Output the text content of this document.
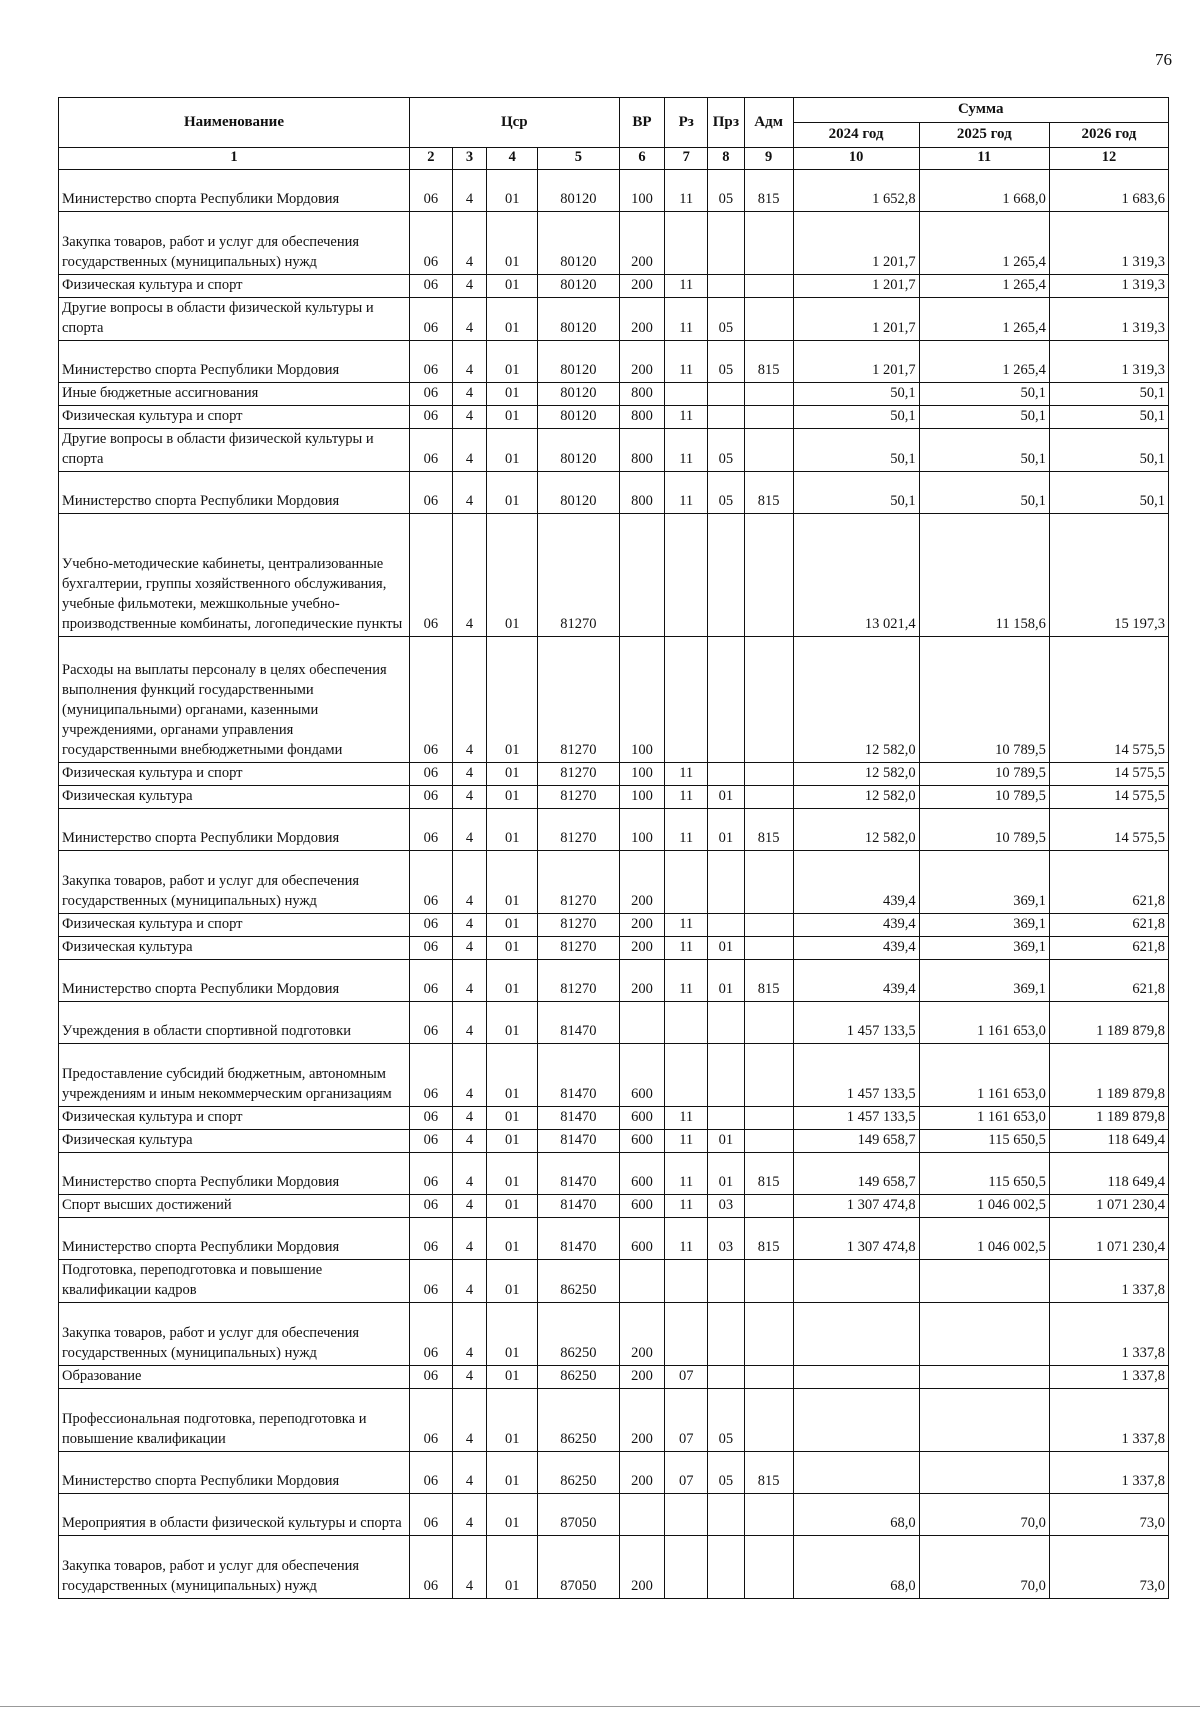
76
Наименование	Цср				ВР	Рз	Прз	Адм	Сумма		
									2024 год	2025 год	2026 год
1	2	3	4	5	6	7	8	9	10	11	12
Министерство спорта Республики Мордовия	06	4	01	80120	100	11	05	815	1 652,8	1 668,0	1 683,6
Закупка товаров, работ и услуг для обеспечения государственных (муниципальных) нужд	06	4	01	80120	200				1 201,7	1 265,4	1 319,3
Физическая культура и спорт	06	4	01	80120	200	11			1 201,7	1 265,4	1 319,3
Другие вопросы в области физической культуры и спорта	06	4	01	80120	200	11	05		1 201,7	1 265,4	1 319,3
Министерство спорта Республики Мордовия	06	4	01	80120	200	11	05	815	1 201,7	1 265,4	1 319,3
Иные бюджетные ассигнования	06	4	01	80120	800				50,1	50,1	50,1
Физическая культура и спорт	06	4	01	80120	800	11			50,1	50,1	50,1
Другие вопросы в области физической культуры и спорта	06	4	01	80120	800	11	05		50,1	50,1	50,1
Министерство спорта Республики Мордовия	06	4	01	80120	800	11	05	815	50,1	50,1	50,1
Учебно-методические кабинеты, централизованные бухгалтерии, группы хозяйственного обслуживания, учебные фильмотеки, межшкольные учебно-производственные комбинаты, логопедические пункты	06	4	01	81270					13 021,4	11 158,6	15 197,3
Расходы на выплаты персоналу в целях обеспечения выполнения функций государственными (муниципальными) органами, казенными учреждениями, органами управления государственными внебюджетными фондами	06	4	01	81270	100				12 582,0	10 789,5	14 575,5
Физическая культура и спорт	06	4	01	81270	100	11			12 582,0	10 789,5	14 575,5
Физическая культура	06	4	01	81270	100	11	01		12 582,0	10 789,5	14 575,5
Министерство спорта Республики Мордовия	06	4	01	81270	100	11	01	815	12 582,0	10 789,5	14 575,5
Закупка товаров, работ и услуг для обеспечения государственных (муниципальных) нужд	06	4	01	81270	200				439,4	369,1	621,8
Физическая культура и спорт	06	4	01	81270	200	11			439,4	369,1	621,8
Физическая культура	06	4	01	81270	200	11	01		439,4	369,1	621,8
Министерство спорта Республики Мордовия	06	4	01	81270	200	11	01	815	439,4	369,1	621,8
Учреждения в области спортивной подготовки	06	4	01	81470					1 457 133,5	1 161 653,0	1 189 879,8
Предоставление субсидий бюджетным, автономным учреждениям и иным некоммерческим организациям	06	4	01	81470	600				1 457 133,5	1 161 653,0	1 189 879,8
Физическая культура и спорт	06	4	01	81470	600	11			1 457 133,5	1 161 653,0	1 189 879,8
Физическая культура	06	4	01	81470	600	11	01		149 658,7	115 650,5	118 649,4
Министерство спорта Республики Мордовия	06	4	01	81470	600	11	01	815	149 658,7	115 650,5	118 649,4
Спорт высших достижений	06	4	01	81470	600	11	03		1 307 474,8	1 046 002,5	1 071 230,4
Министерство спорта Республики Мордовия	06	4	01	81470	600	11	03	815	1 307 474,8	1 046 002,5	1 071 230,4
Подготовка, переподготовка и повышение квалификации кадров	06	4	01	86250							1 337,8
Закупка товаров, работ и услуг для обеспечения государственных (муниципальных) нужд	06	4	01	86250	200						1 337,8
Образование	06	4	01	86250	200	07					1 337,8
Профессиональная подготовка, переподготовка и повышение квалификации	06	4	01	86250	200	07	05				1 337,8
Министерство спорта Республики Мордовия	06	4	01	86250	200	07	05	815			1 337,8
Мероприятия в области физической культуры и спорта	06	4	01	87050					68,0	70,0	73,0
Закупка товаров, работ и услуг для обеспечения государственных (муниципальных) нужд	06	4	01	87050	200				68,0	70,0	73,0
